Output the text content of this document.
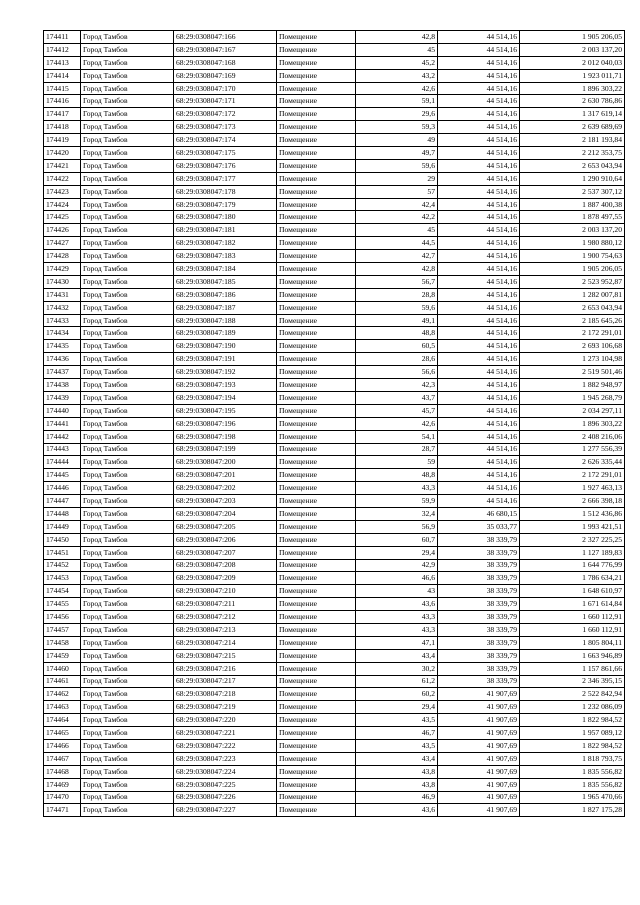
174411	Город Тамбов	68:29:0308047:166	Помещение	42,8	44 514,16	1 905 206,05
174412	Город Тамбов	68:29:0308047:167	Помещение	45	44 514,16	2 003 137,20
174413	Город Тамбов	68:29:0308047:168	Помещение	45,2	44 514,16	2 012 040,03
174414	Город Тамбов	68:29:0308047:169	Помещение	43,2	44 514,16	1 923 011,71
174415	Город Тамбов	68:29:0308047:170	Помещение	42,6	44 514,16	1 896 303,22
174416	Город Тамбов	68:29:0308047:171	Помещение	59,1	44 514,16	2 630 786,86
174417	Город Тамбов	68:29:0308047:172	Помещение	29,6	44 514,16	1 317 619,14
174418	Город Тамбов	68:29:0308047:173	Помещение	59,3	44 514,16	2 639 689,69
174419	Город Тамбов	68:29:0308047:174	Помещение	49	44 514,16	2 181 193,84
174420	Город Тамбов	68:29:0308047:175	Помещение	49,7	44 514,16	2 212 353,75
174421	Город Тамбов	68:29:0308047:176	Помещение	59,6	44 514,16	2 653 043,94
174422	Город Тамбов	68:29:0308047:177	Помещение	29	44 514,16	1 290 910,64
174423	Город Тамбов	68:29:0308047:178	Помещение	57	44 514,16	2 537 307,12
174424	Город Тамбов	68:29:0308047:179	Помещение	42,4	44 514,16	1 887 400,38
174425	Город Тамбов	68:29:0308047:180	Помещение	42,2	44 514,16	1 878 497,55
174426	Город Тамбов	68:29:0308047:181	Помещение	45	44 514,16	2 003 137,20
174427	Город Тамбов	68:29:0308047:182	Помещение	44,5	44 514,16	1 980 880,12
174428	Город Тамбов	68:29:0308047:183	Помещение	42,7	44 514,16	1 900 754,63
174429	Город Тамбов	68:29:0308047:184	Помещение	42,8	44 514,16	1 905 206,05
174430	Город Тамбов	68:29:0308047:185	Помещение	56,7	44 514,16	2 523 952,87
174431	Город Тамбов	68:29:0308047:186	Помещение	28,8	44 514,16	1 282 007,81
174432	Город Тамбов	68:29:0308047:187	Помещение	59,6	44 514,16	2 653 043,94
174433	Город Тамбов	68:29:0308047:188	Помещение	49,1	44 514,16	2 185 645,26
174434	Город Тамбов	68:29:0308047:189	Помещение	48,8	44 514,16	2 172 291,01
174435	Город Тамбов	68:29:0308047:190	Помещение	60,5	44 514,16	2 693 106,68
174436	Город Тамбов	68:29:0308047:191	Помещение	28,6	44 514,16	1 273 104,98
174437	Город Тамбов	68:29:0308047:192	Помещение	56,6	44 514,16	2 519 501,46
174438	Город Тамбов	68:29:0308047:193	Помещение	42,3	44 514,16	1 882 948,97
174439	Город Тамбов	68:29:0308047:194	Помещение	43,7	44 514,16	1 945 268,79
174440	Город Тамбов	68:29:0308047:195	Помещение	45,7	44 514,16	2 034 297,11
174441	Город Тамбов	68:29:0308047:196	Помещение	42,6	44 514,16	1 896 303,22
174442	Город Тамбов	68:29:0308047:198	Помещение	54,1	44 514,16	2 408 216,06
174443	Город Тамбов	68:29:0308047:199	Помещение	28,7	44 514,16	1 277 556,39
174444	Город Тамбов	68:29:0308047:200	Помещение	59	44 514,16	2 626 335,44
174445	Город Тамбов	68:29:0308047:201	Помещение	48,8	44 514,16	2 172 291,01
174446	Город Тамбов	68:29:0308047:202	Помещение	43,3	44 514,16	1 927 463,13
174447	Город Тамбов	68:29:0308047:203	Помещение	59,9	44 514,16	2 666 398,18
174448	Город Тамбов	68:29:0308047:204	Помещение	32,4	46 680,15	1 512 436,86
174449	Город Тамбов	68:29:0308047:205	Помещение	56,9	35 033,77	1 993 421,51
174450	Город Тамбов	68:29:0308047:206	Помещение	60,7	38 339,79	2 327 225,25
174451	Город Тамбов	68:29:0308047:207	Помещение	29,4	38 339,79	1 127 189,83
174452	Город Тамбов	68:29:0308047:208	Помещение	42,9	38 339,79	1 644 776,99
174453	Город Тамбов	68:29:0308047:209	Помещение	46,6	38 339,79	1 786 634,21
174454	Город Тамбов	68:29:0308047:210	Помещение	43	38 339,79	1 648 610,97
174455	Город Тамбов	68:29:0308047:211	Помещение	43,6	38 339,79	1 671 614,84
174456	Город Тамбов	68:29:0308047:212	Помещение	43,3	38 339,79	1 660 112,91
174457	Город Тамбов	68:29:0308047:213	Помещение	43,3	38 339,79	1 660 112,91
174458	Город Тамбов	68:29:0308047:214	Помещение	47,1	38 339,79	1 805 804,11
174459	Город Тамбов	68:29:0308047:215	Помещение	43,4	38 339,79	1 663 946,89
174460	Город Тамбов	68:29:0308047:216	Помещение	30,2	38 339,79	1 157 861,66
174461	Город Тамбов	68:29:0308047:217	Помещение	61,2	38 339,79	2 346 395,15
174462	Город Тамбов	68:29:0308047:218	Помещение	60,2	41 907,69	2 522 842,94
174463	Город Тамбов	68:29:0308047:219	Помещение	29,4	41 907,69	1 232 086,09
174464	Город Тамбов	68:29:0308047:220	Помещение	43,5	41 907,69	1 822 984,52
174465	Город Тамбов	68:29:0308047:221	Помещение	46,7	41 907,69	1 957 089,12
174466	Город Тамбов	68:29:0308047:222	Помещение	43,5	41 907,69	1 822 984,52
174467	Город Тамбов	68:29:0308047:223	Помещение	43,4	41 907,69	1 818 793,75
174468	Город Тамбов	68:29:0308047:224	Помещение	43,8	41 907,69	1 835 556,82
174469	Город Тамбов	68:29:0308047:225	Помещение	43,8	41 907,69	1 835 556,82
174470	Город Тамбов	68:29:0308047:226	Помещение	46,9	41 907,69	1 965 470,66
174471	Город Тамбов	68:29:0308047:227	Помещение	43,6	41 907,69	1 827 175,28
